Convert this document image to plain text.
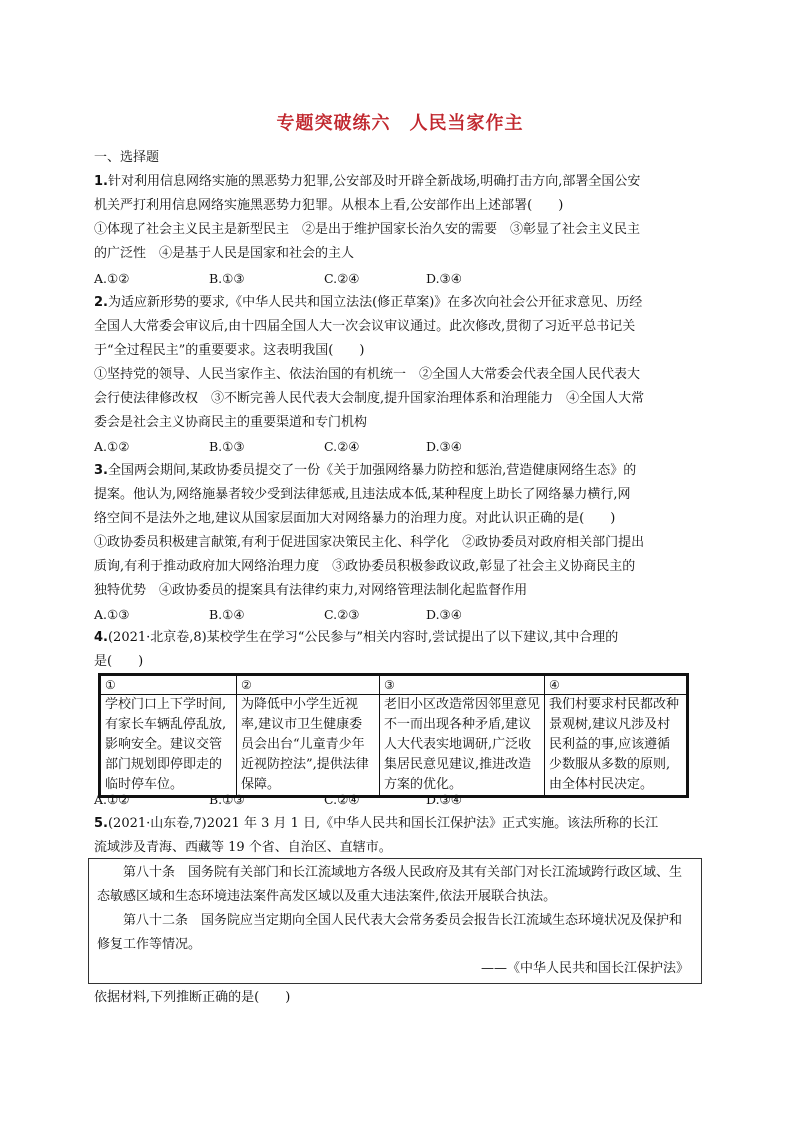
专题突破练六　人民当家作主
一、选择题
1.针对利用信息网络实施的黑恶势力犯罪,公安部及时开辟全新战场,明确打击方向,部署全国公安
机关严打利用信息网络实施黑恶势力犯罪。从根本上看,公安部作出上述部署(　　)
①体现了社会主义民主是新型民主　②是出于维护国家长治久安的需要　③彰显了社会主义民主
的广泛性　④是基于人民是国家和社会的主人
A.①②	B.①③	C.②④	D.③④
2.为适应新形势的要求,《中华人民共和国立法法(修正草案)》在多次向社会公开征求意见、历经
全国人大常委会审议后,由十四届全国人大一次会议审议通过。此次修改,贯彻了习近平总书记关
于“全过程民主”的重要要求。这表明我国(　　)
①坚持党的领导、人民当家作主、依法治国的有机统一　②全国人大常委会代表全国人民代表大
会行使法律修改权　③不断完善人民代表大会制度,提升国家治理体系和治理能力　④全国人大常
委会是社会主义协商民主的重要渠道和专门机构
A.①②	B.①③	C.②④	D.③④
3.全国两会期间,某政协委员提交了一份《关于加强网络暴力防控和惩治,营造健康网络生态》的
提案。他认为,网络施暴者较少受到法律惩戒,且违法成本低,某种程度上助长了网络暴力横行,网
络空间不是法外之地,建议从国家层面加大对网络暴力的治理力度。对此认识正确的是(　　)
①政协委员积极建言献策,有利于促进国家决策民主化、科学化　②政协委员对政府相关部门提出
质询,有利于推动政府加大网络治理力度　③政协委员积极参政议政,彰显了社会主义协商民主的
独特优势　④政协委员的提案具有法律约束力,对网络管理法制化起监督作用
A.①③	B.①④	C.②③	D.③④
4.(2021·北京卷,8)某校学生在学习“公民参与”相关内容时,尝试提出了以下建议,其中合理的
是(　　)
①	②	③	④
学校门口上下学时间,有家长车辆乱停乱放,影响安全。建议交管部门规划即停即走的临时停车位。	为降低中小学生近视率,建议市卫生健康委员会出台“儿童青少年近视防控法”,提供法律保障。	老旧小区改造常因邻里意见不一而出现各种矛盾,建议人大代表实地调研,广泛收集居民意见建议,推进改造方案的优化。	我们村要求村民都改种景观树,建议凡涉及村民利益的事,应该遵循少数服从多数的原则,由全体村民决定。
A.①②	B.①③	C.②④	D.③④
5.(2021·山东卷,7)2021 年 3 月 1 日,《中华人民共和国长江保护法》正式实施。该法所称的长江
流域涉及青海、西藏等 19 个省、自治区、直辖市。

第八十条　国务院有关部门和长江流域地方各级人民政府及其有关部门对长江流域跨行政区域、生态敏感区域和生态环境违法案件高发区域以及重大违法案件,依法开展联合执法。

第八十二条　国务院应当定期向全国人民代表大会常务委员会报告长江流域生态环境状况及保护和修复工作等情况。

——《中华人民共和国长江保护法》

依据材料,下列推断正确的是(　　)
